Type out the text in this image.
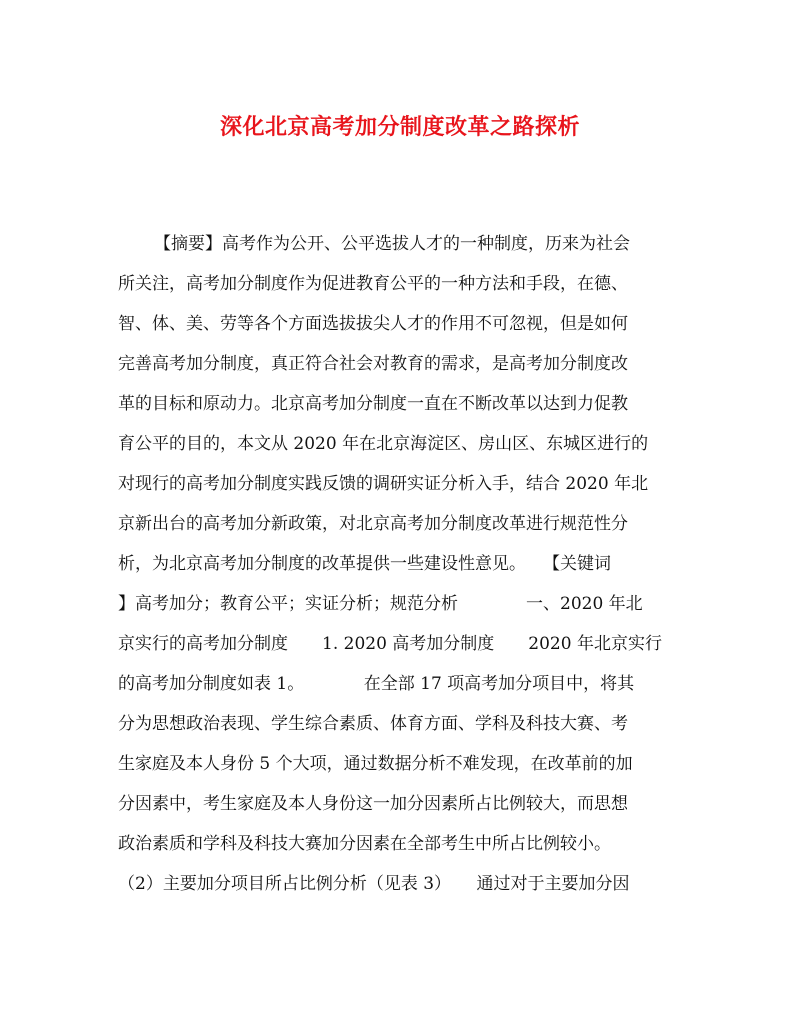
深化北京高考加分制度改革之路探析
【摘要】高考作为公开、公平选拔人才的一种制度，历来为社会
所关注，高考加分制度作为促进教育公平的一种方法和手段，在德、
智、体、美、劳等各个方面选拔拔尖人才的作用不可忽视，但是如何
完善高考加分制度，真正符合社会对教育的需求，是高考加分制度改
革的目标和原动力。北京高考加分制度一直在不断改革以达到力促教
育公平的目的，本文从 2020 年在北京海淀区、房山区、东城区进行的
对现行的高考加分制度实践反馈的调研实证分析入手，结合 2020 年北
京新出台的高考加分新政策，对北京高考加分制度改革进行规范性分
析，为北京高考加分制度的改革提供一些建设性意见。　　【关键词
】高考加分；教育公平；实证分析；规范分析　　　　一、2020 年北
京实行的高考加分制度　　1. 2020 高考加分制度　　2020 年北京实行
的高考加分制度如表 1。　　　　在全部 17 项高考加分项目中，将其
分为思想政治表现、学生综合素质、体育方面、学科及科技大赛、考
生家庭及本人身份 5 个大项，通过数据分析不难发现，在改革前的加
分因素中，考生家庭及本人身份这一加分因素所占比例较大，而思想
政治素质和学科及科技大赛加分因素在全部考生中所占比例较小。
（2）主要加分项目所占比例分析（见表 3）　　通过对于主要加分因
